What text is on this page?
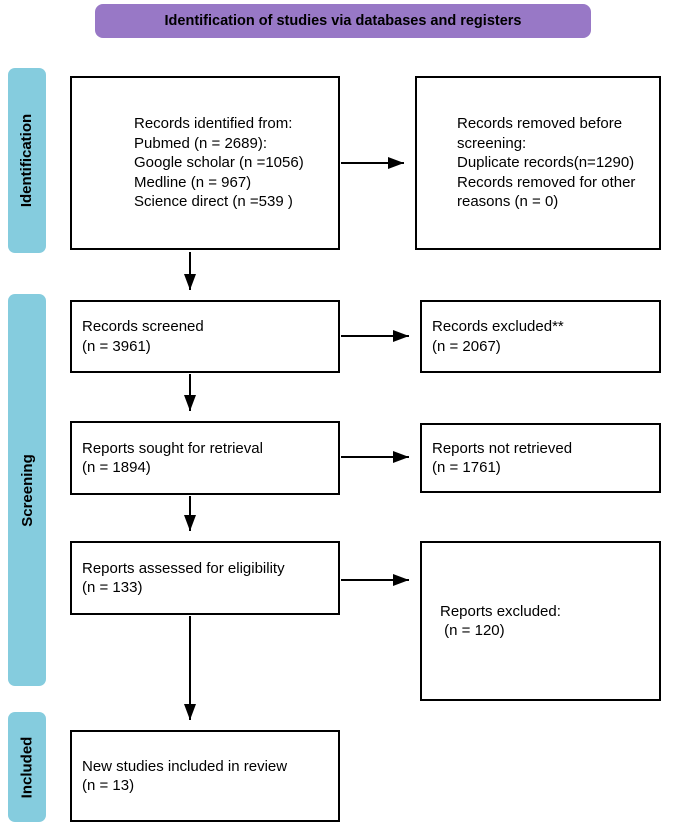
Identification of studies via databases and registers
Identification
Screening
Included
Records identified from:
Pubmed (n = 2689):
Google scholar (n =1056)
Medline (n = 967)
Science direct (n =539 )
Records removed before
screening:
Duplicate records(n=1290)
Records removed for other
reasons (n = 0)
Records screened
(n = 3961)
Records excluded**
(n = 2067)
Reports sought for retrieval
(n = 1894)
Reports not retrieved
(n = 1761)
Reports assessed for eligibility
(n = 133)
Reports excluded:
(n = 120)
New studies included in review
(n = 13)
